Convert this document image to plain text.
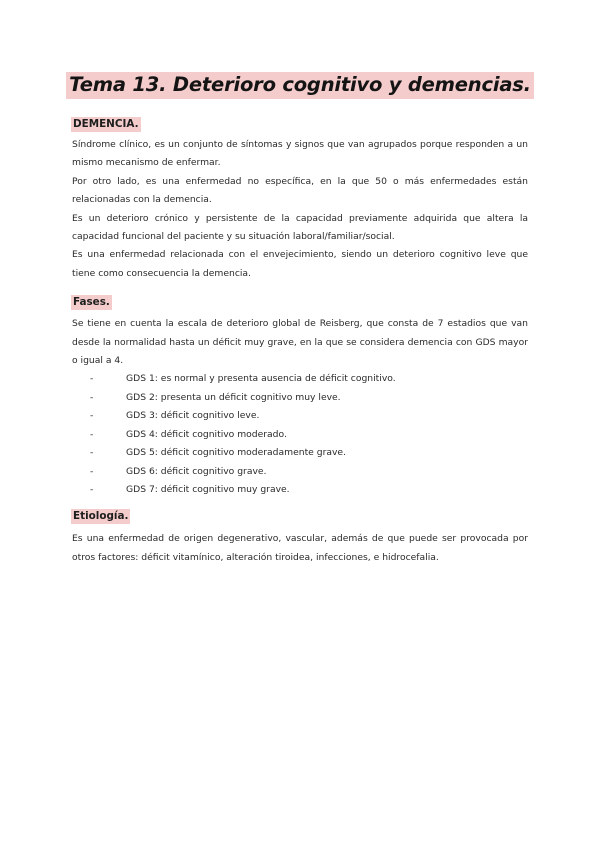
Tema 13. Deterioro cognitivo y demencias.
DEMENCIA.

Síndrome clínico, es un conjunto de síntomas y signos que van agrupados porque responden a un mismo mecanismo de enfermar.

Por otro lado, es una enfermedad no específica, en la que 50 o más enfermedades están relacionadas con la demencia.

Es un deterioro crónico y persistente de la capacidad previamente adquirida que altera la capacidad funcional del paciente y su situación laboral/familiar/social.

Es una enfermedad relacionada con el envejecimiento, siendo un deterioro cognitivo leve que tiene como consecuencia la demencia.

Fases.

Se tiene en cuenta la escala de deterioro global de Reisberg, que consta de 7 estadios que van desde la normalidad hasta un déficit muy grave, en la que se considera demencia con GDS mayor o igual a 4.

-	GDS 1: es normal y presenta ausencia de déficit cognitivo.
-	GDS 2: presenta un déficit cognitivo muy leve.
-	GDS 3: déficit cognitivo leve.
-	GDS 4: déficit cognitivo moderado.
-	GDS 5: déficit cognitivo moderadamente grave.
-	GDS 6: déficit cognitivo grave.
-	GDS 7: déficit cognitivo muy grave.
Etiología.

Es una enfermedad de origen degenerativo, vascular, además de que puede ser provocada por otros factores: déficit vitamínico, alteración tiroidea, infecciones, e hidrocefalia.
